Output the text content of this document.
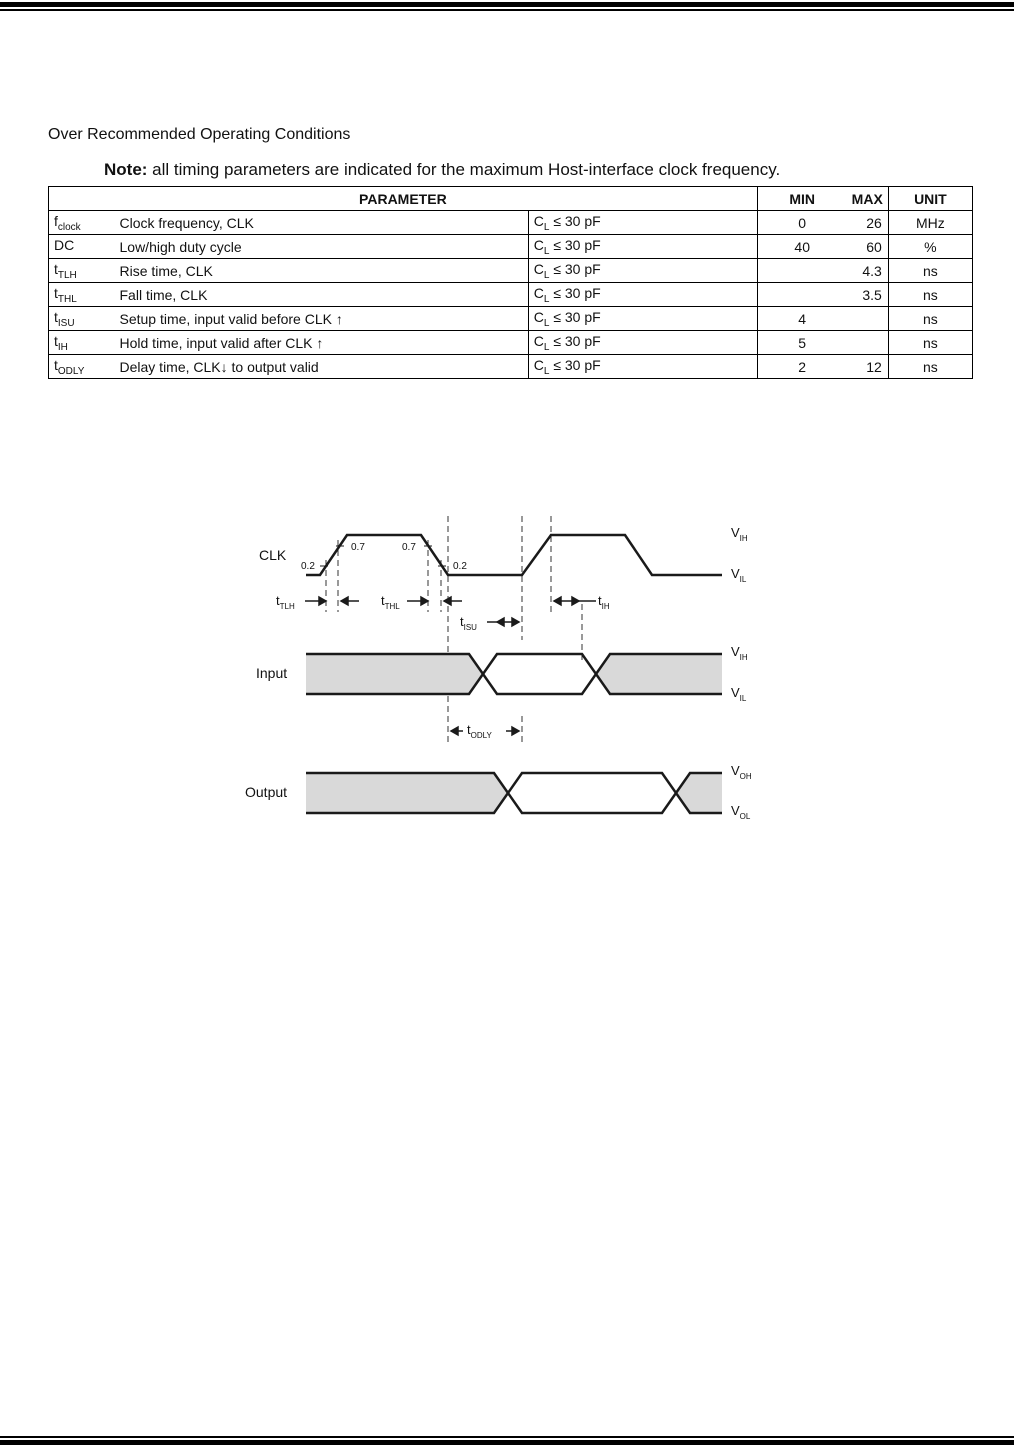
Over Recommended Operating Conditions
Note: all timing parameters are indicated for the maximum Host-interface clock frequency.
PARAMETER			MIN	MAX	UNIT
$f_{clock}$	Clock frequency, CLK	$C_L \le 30$ pF	0	26	MHz
DC	Low/high duty cycle	$C_L \le 30$ pF	40	60	%
$t_{TLH}$	Rise time, CLK	$C_L \le 30$ pF		4.3	ns
$t_{THL}$	Fall time, CLK	$C_L \le 30$ pF		3.5	ns
$t_{ISU}$	Setup time, input valid before CLK ↑	$C_L \le 30$ pF	4		ns
$t_{IH}$	Hold time, input valid after CLK ↑	$C_L \le 30$ pF	5		ns
$t_{ODLY}$	Delay time, CLK↓ to output valid	$C_L \le 30$ pF	2	12	ns
CLK
Input
Output
0.2
0.7	0.7
0.2
$V_{IH}$
$V_{IL}$
$V_{IH}$
$V_{IL}$
$V_{OH}$
$V_{OL}$
$t_{TLH}$	$t_{THL}$
$t_{ISU}$
$t_{IH}$
$t_{ODLY}$
